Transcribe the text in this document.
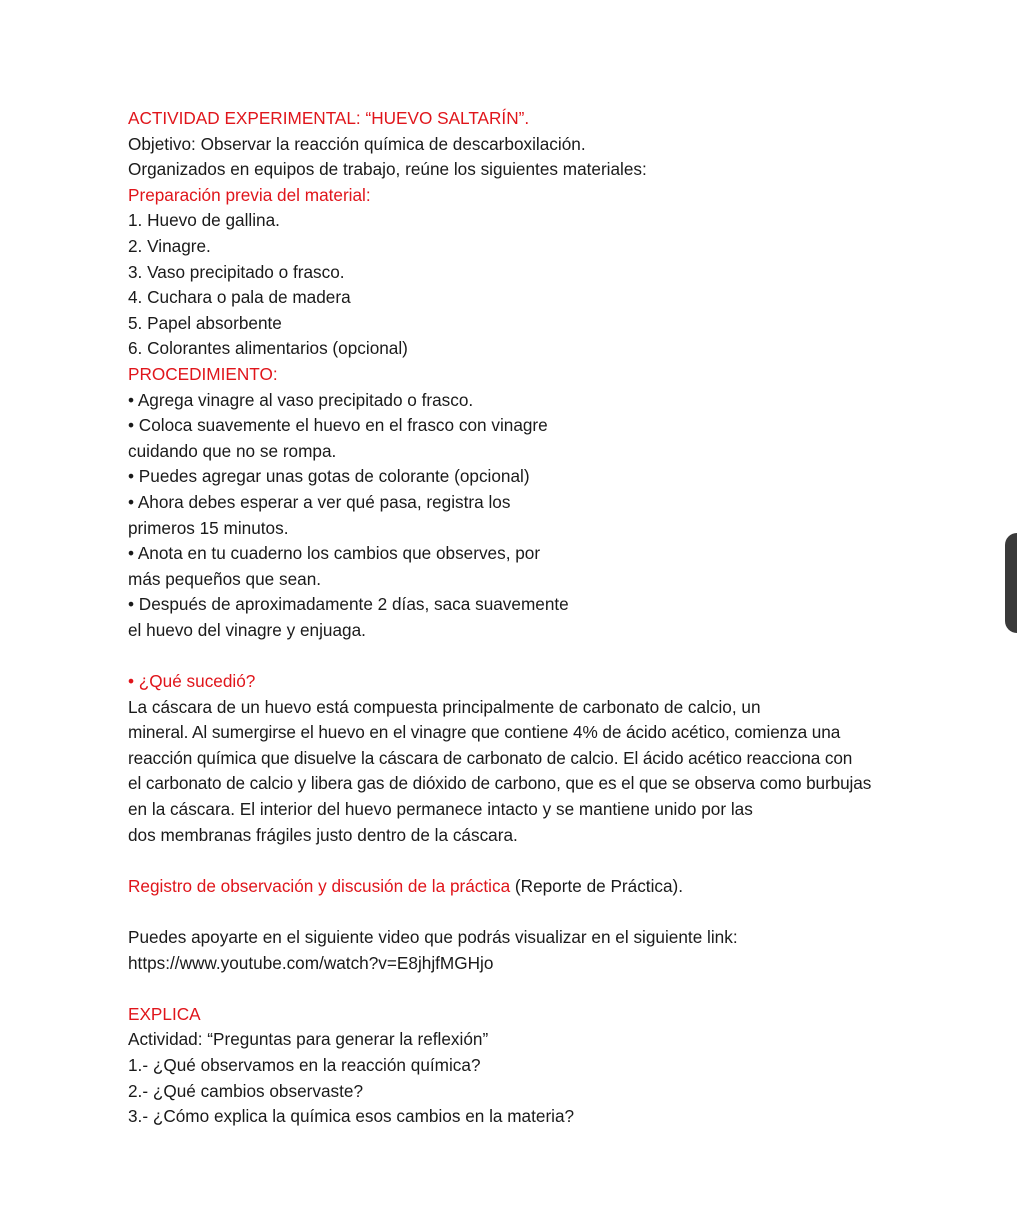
ACTIVIDAD EXPERIMENTAL: “HUEVO SALTARÍN”.

Objetivo: Observar la reacción química de descarboxilación.

Organizados en equipos de trabajo, reúne los siguientes materiales:

Preparación previa del material:

1. Huevo de gallina.

2. Vinagre.

3. Vaso precipitado o frasco.

4. Cuchara o pala de madera

5. Papel absorbente

6. Colorantes alimentarios (opcional)

PROCEDIMIENTO:

• Agrega vinagre al vaso precipitado o frasco.

• Coloca suavemente el huevo en el frasco con vinagre

cuidando que no se rompa.

• Puedes agregar unas gotas de colorante (opcional)

• Ahora debes esperar a ver qué pasa, registra los

primeros 15 minutos.

• Anota en tu cuaderno los cambios que observes, por

más pequeños que sean.

• Después de aproximadamente 2 días, saca suavemente

el huevo del vinagre y enjuaga.

• ¿Qué sucedió?

La cáscara de un huevo está compuesta principalmente de carbonato de calcio, un

mineral. Al sumergirse el huevo en el vinagre que contiene 4% de ácido acético, comienza una

reacción química que disuelve la cáscara de carbonato de calcio. El ácido acético reacciona con

el carbonato de calcio y libera gas de dióxido de carbono, que es el que se observa como burbujas

en la cáscara. El interior del huevo permanece intacto y se mantiene unido por las

dos membranas frágiles justo dentro de la cáscara.

Registro de observación y discusión de la práctica (Reporte de Práctica).

Puedes apoyarte en el siguiente video que podrás visualizar en el siguiente link:

https://www.youtube.com/watch?v=E8jhjfMGHjo

EXPLICA

Actividad: “Preguntas para generar la reflexión”

1.- ¿Qué observamos en la reacción química?

2.- ¿Qué cambios observaste?

3.- ¿Cómo explica la química esos cambios en la materia?
